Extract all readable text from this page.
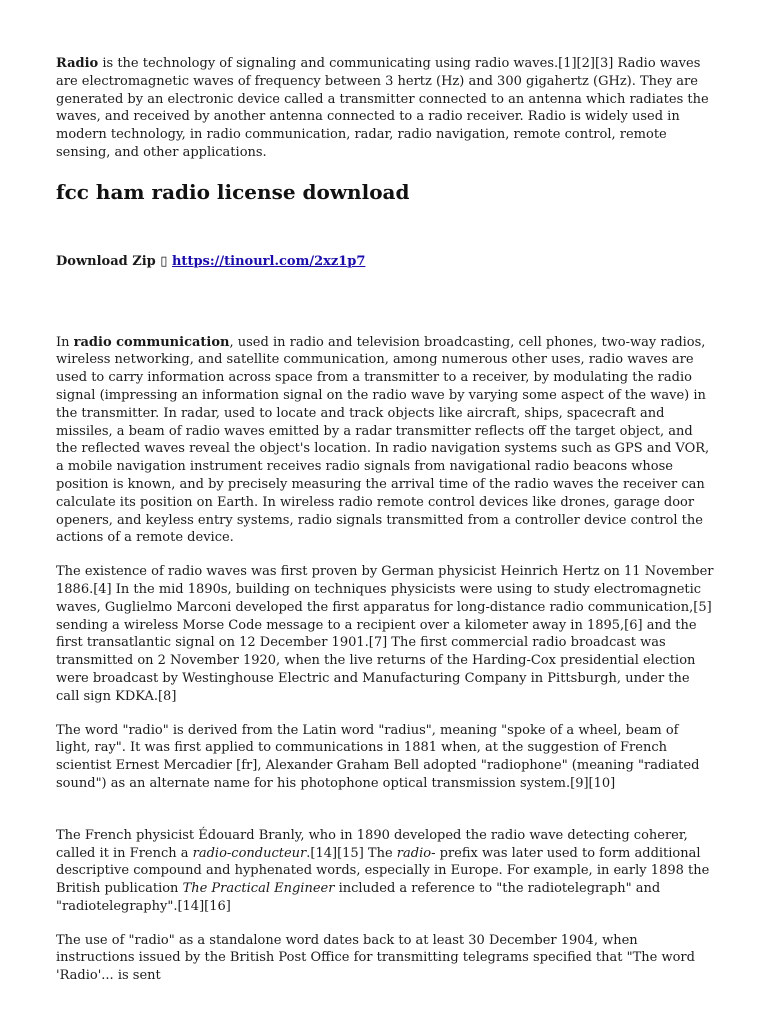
Radio is the technology of signaling and communicating using radio waves.[1][2][3] Radio waves are electromagnetic waves of frequency between 3 hertz (Hz) and 300 gigahertz (GHz). They are generated by an electronic device called a transmitter connected to an antenna which radiates the waves, and received by another antenna connected to a radio receiver. Radio is widely used in modern technology, in radio communication, radar, radio navigation, remote control, remote sensing, and other applications.

fcc ham radio license download
Download Zip ▯ https://tinourl.com/2xz1p7

In radio communication, used in radio and television broadcasting, cell phones, two-way radios, wireless networking, and satellite communication, among numerous other uses, radio waves are used to carry information across space from a transmitter to a receiver, by modulating the radio signal (impressing an information signal on the radio wave by varying some aspect of the wave) in the transmitter. In radar, used to locate and track objects like aircraft, ships, spacecraft and missiles, a beam of radio waves emitted by a radar transmitter reflects off the target object, and the reflected waves reveal the object's location. In radio navigation systems such as GPS and VOR, a mobile navigation instrument receives radio signals from navigational radio beacons whose position is known, and by precisely measuring the arrival time of the radio waves the receiver can calculate its position on Earth. In wireless radio remote control devices like drones, garage door openers, and keyless entry systems, radio signals transmitted from a controller device control the actions of a remote device.

The existence of radio waves was first proven by German physicist Heinrich Hertz on 11 November 1886.[4] In the mid 1890s, building on techniques physicists were using to study electromagnetic waves, Guglielmo Marconi developed the first apparatus for long-distance radio communication,[5] sending a wireless Morse Code message to a recipient over a kilometer away in 1895,[6] and the first transatlantic signal on 12 December 1901.[7] The first commercial radio broadcast was transmitted on 2 November 1920, when the live returns of the Harding-Cox presidential election were broadcast by Westinghouse Electric and Manufacturing Company in Pittsburgh, under the call sign KDKA.[8]

The word "radio" is derived from the Latin word "radius", meaning "spoke of a wheel, beam of light, ray". It was first applied to communications in 1881 when, at the suggestion of French scientist Ernest Mercadier [fr], Alexander Graham Bell adopted "radiophone" (meaning "radiated sound") as an alternate name for his photophone optical transmission system.[9][10]

The French physicist Édouard Branly, who in 1890 developed the radio wave detecting coherer, called it in French a radio-conducteur.[14][15] The radio- prefix was later used to form additional descriptive compound and hyphenated words, especially in Europe. For example, in early 1898 the British publication The Practical Engineer included a reference to "the radiotelegraph" and "radiotelegraphy".[14][16]

The use of "radio" as a standalone word dates back to at least 30 December 1904, when instructions issued by the British Post Office for transmitting telegrams specified that "The word 'Radio'... is sent
